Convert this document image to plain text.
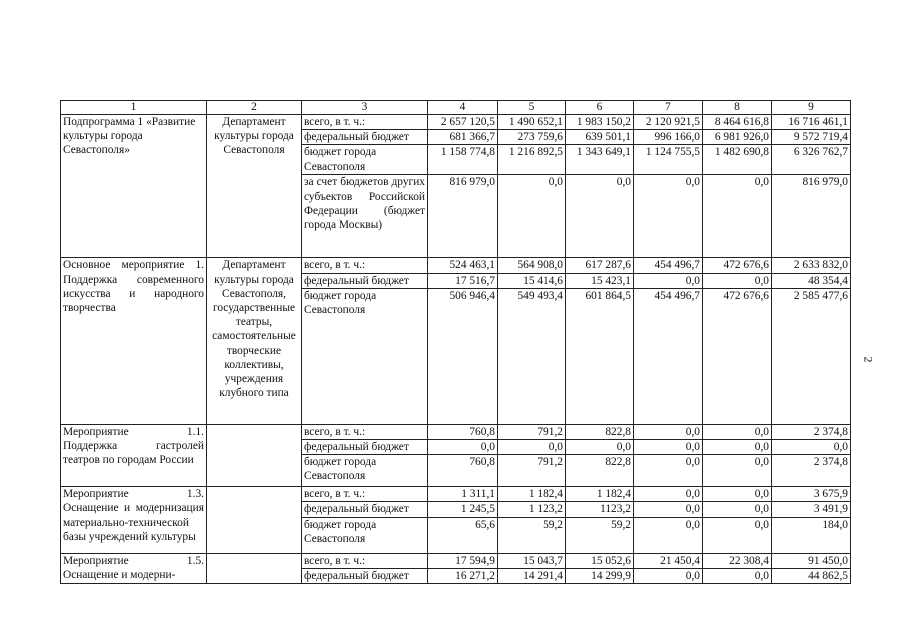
1	2	3	4	5	6	7	8	9
Подпрограмма 1 «Развитие культуры города Севастополя»	Департамент культуры города Севастополя	всего, в т. ч.:	2 657 120,5	1 490 652,1	1 983 150,2	2 120 921,5	8 464 616,8	16 716 461,1
		федеральный бюджет	681 366,7	273 759,6	639 501,1	996 166,0	6 981 926,0	9 572 719,4
		бюджет города Севастополя	1 158 774,8	1 216 892,5	1 343 649,1	1 124 755,5	1 482 690,8	6 326 762,7
		за счет бюджетов других субъектов Российской Федерации (бюджет города Москвы)	816 979,0	0,0	0,0	0,0	0,0	816 979,0
Основное мероприятие 1. Поддержка современного искусства и народного творчества	Департамент культуры города Севастополя, государственные театры, самостоятельные творческие коллективы, учреждения клубного типа	всего, в т. ч.:	524 463,1	564 908,0	617 287,6	454 496,7	472 676,6	2 633 832,0
		федеральный бюджет	17 516,7	15 414,6	15 423,1	0,0	0,0	48 354,4
		бюджет города Севастополя	506 946,4	549 493,4	601 864,5	454 496,7	472 676,6	2 585 477,6
Мероприятие 1.1. Поддержка гастролей театров по городам России		всего, в т. ч.:	760,8	791,2	822,8	0,0	0,0	2 374,8
		федеральный бюджет	0,0	0,0	0,0	0,0	0,0	0,0
		бюджет города Севастополя	760,8	791,2	822,8	0,0	0,0	2 374,8
Мероприятие 1.3. Оснащение и модернизация материально-технической базы учреждений культуры		всего, в т. ч.:	1 311,1	1 182,4	1 182,4	0,0	0,0	3 675,9
		федеральный бюджет	1 245,5	1 123,2	1123,2	0,0	0,0	3 491,9
		бюджет города Севастополя	65,6	59,2	59,2	0,0	0,0	184,0
Мероприятие 1.5. Оснащение и модерни-		всего, в т. ч.:	17 594,9	15 043,7	15 052,6	21 450,4	22 308,4	91 450,0
		федеральный бюджет	16 271,2	14 291,4	14 299,9	0,0	0,0	44 862,5
2
